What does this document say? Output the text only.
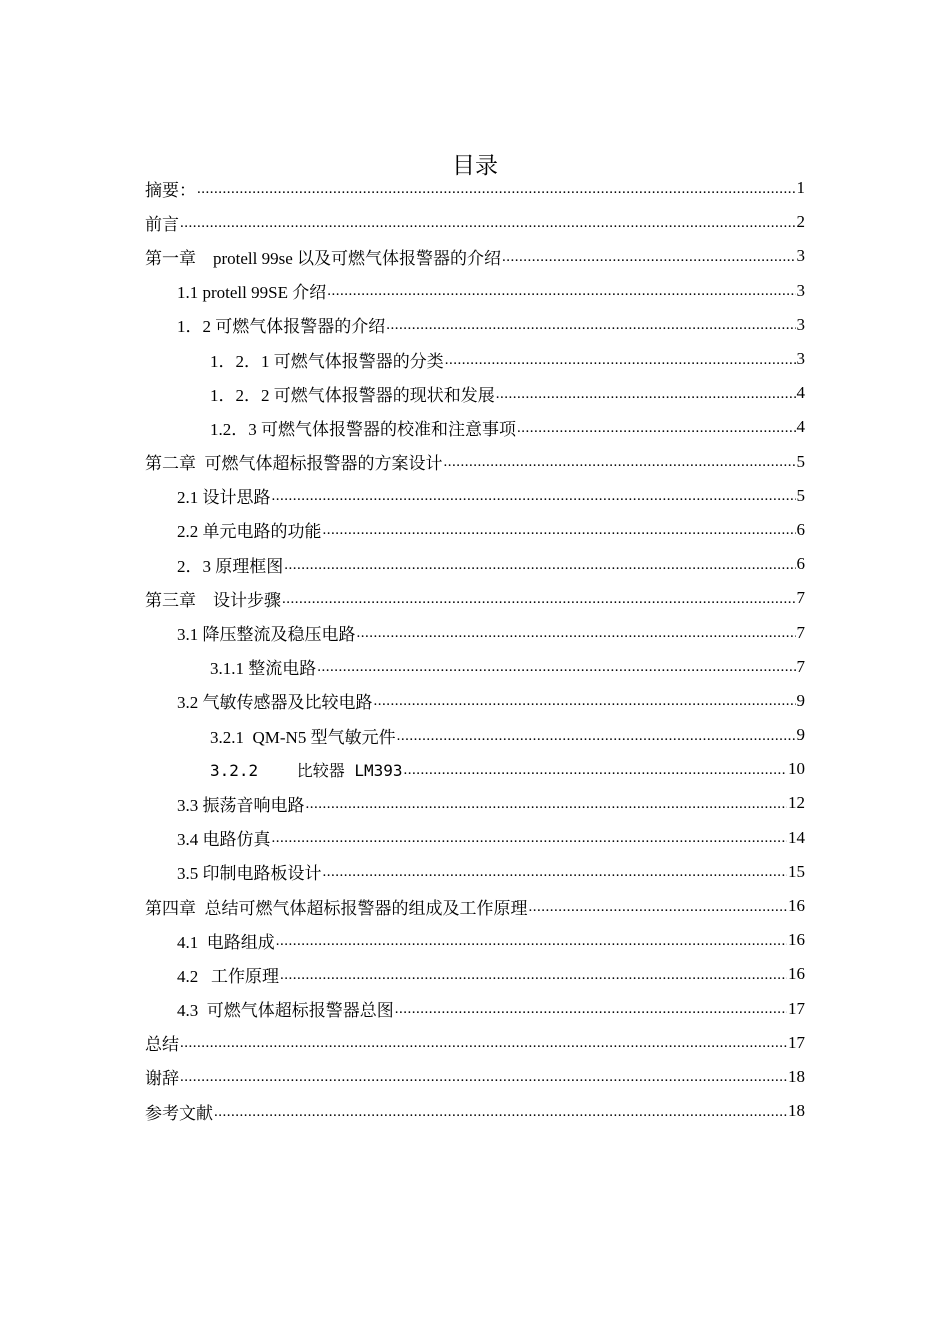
目录
摘要： .....	1
前言 .....	2
第一章    protell 99se 以及可燃气体报警器的介绍 .....	3
1.1 protell 99SE 介绍 .....	3
1．2 可燃气体报警器的介绍 .....	3
1．2．1 可燃气体报警器的分类 .....	3
1．2．2 可燃气体报警器的现状和发展 .....	4
1.2．3 可燃气体报警器的校准和注意事项 .....	4
第二章  可燃气体超标报警器的方案设计 .....	5
2.1 设计思路 .....	5
2.2 单元电路的功能 .....	6
2．3 原理框图 .....	6
第三章    设计步骤 .....	7
3.1 降压整流及稳压电路 .....	7
3.1.1 整流电路 .....	7
3.2 气敏传感器及比较电路 .....	9
3.2.1  QM-N5 型气敏元件 .....	9
3.2.2    比较器 LM393 .....	10
3.3 振荡音响电路 .....	12
3.4 电路仿真 .....	14
3.5 印制电路板设计 .....	15
第四章  总结可燃气体超标报警器的组成及工作原理 .....	16
4.1  电路组成 .....	16
4.2   工作原理 .....	16
4.3  可燃气体超标报警器总图 .....	17
总结 .....	17
谢辞 .....	18
参考文献 .....	18
